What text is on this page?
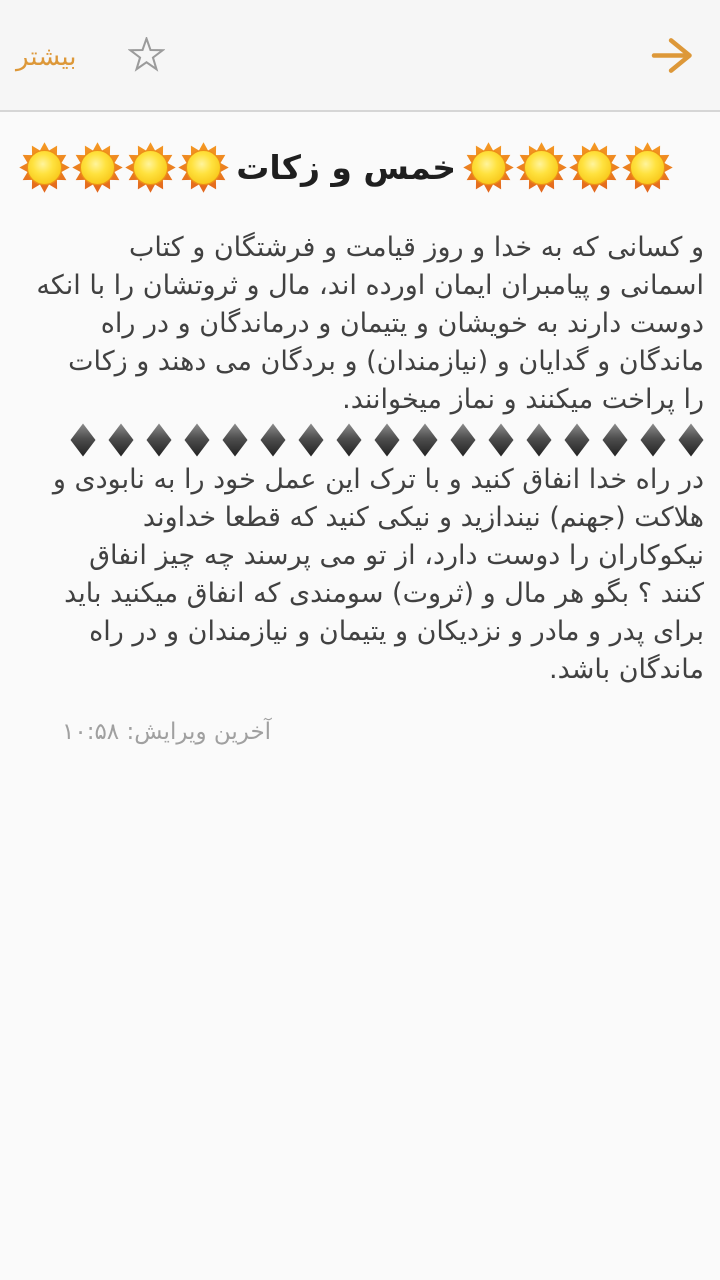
بیشتر
خمس و زکات

و کسانی که به خدا و روز قیامت و فرشتگان و کتاب
اسمانی و پیامبران ایمان اورده اند، مال و ثروتشان را با انکه
دوست دارند به خویشان و یتیمان و درماندگان و در راه
ماندگان و گدایان و (نیازمندان) و بردگان می دهند و زکات
را پراخت میکنند و نماز میخوانند.

در راه خدا انفاق کنید و با ترک این عمل خود را به نابودی و
هلاکت (جهنم) نیندازید و نیکی کنید که قطعا خداوند
نیکوکاران را دوست دارد، از تو می پرسند چه چیز انفاق
کنند ؟ بگو هر مال و (ثروت) سومندی که انفاق میکنید باید
برای پدر و مادر و نزدیکان و یتیمان و نیازمندان و در راه
ماندگان باشد.

آخرین ویرایش: ۱۰:۵۸
